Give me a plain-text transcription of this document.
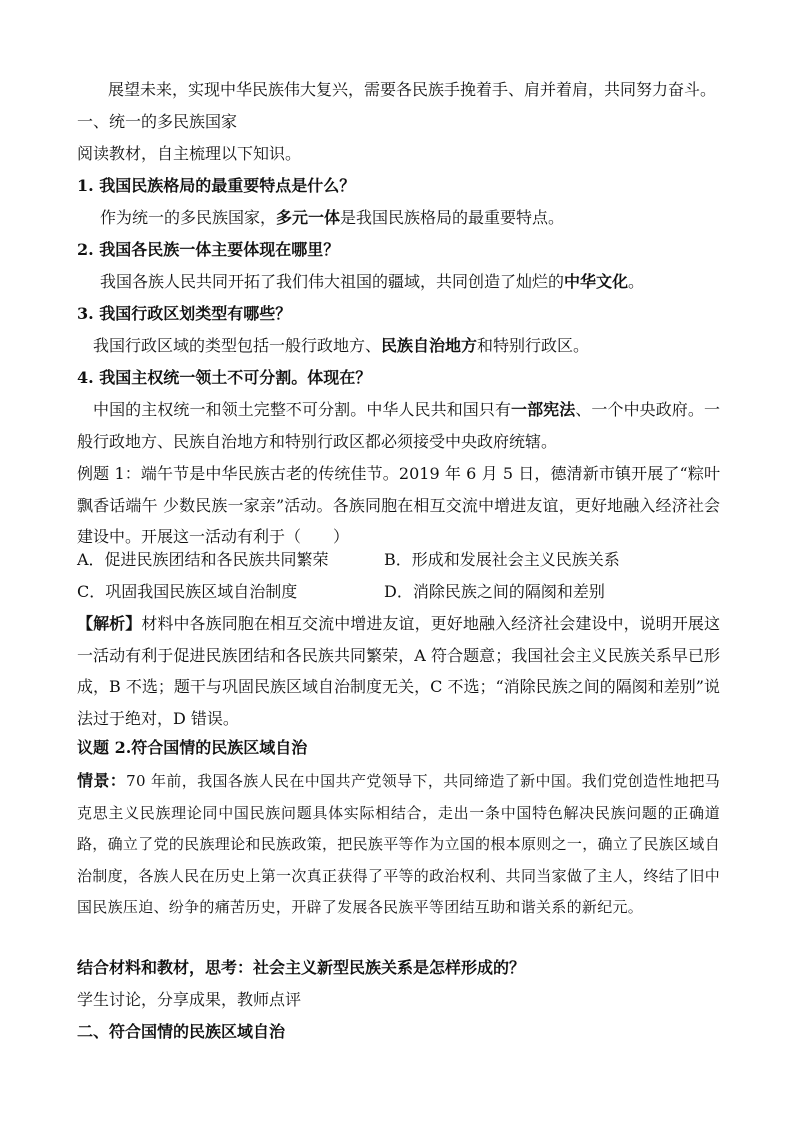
展望未来，实现中华民族伟大复兴，需要各民族手挽着手、肩并着肩，共同努力奋斗。
一、统一的多民族国家
阅读教材，自主梳理以下知识。
1. 我国民族格局的最重要特点是什么？
作为统一的多民族国家，多元一体是我国民族格局的最重要特点。
2. 我国各民族一体主要体现在哪里？
我国各族人民共同开拓了我们伟大祖国的疆域，共同创造了灿烂的中华文化。
3. 我国行政区划类型有哪些？
我国行政区域的类型包括一般行政地方、民族自治地方和特别行政区。
4. 我国主权统一领土不可分割。体现在？
中国的主权统一和领土完整不可分割。中华人民共和国只有一部宪法、一个中央政府。一般行政地方、民族自治地方和特别行政区都必须接受中央政府统辖。
例题 1：端午节是中华民族古老的传统佳节。2019 年 6 月 5 日，德清新市镇开展了“粽叶飘香话端午 少数民族一家亲”活动。各族同胞在相互交流中增进友谊，更好地融入经济社会建设中。开展这一活动有利于（　　）
A．促进民族团结和各民族共同繁荣	B．形成和发展社会主义民族关系
C．巩固我国民族区域自治制度	D．消除民族之间的隔阂和差别
【解析】材料中各族同胞在相互交流中增进友谊，更好地融入经济社会建设中，说明开展这一活动有利于促进民族团结和各民族共同繁荣，A 符合题意；我国社会主义民族关系早已形成，B 不选；题干与巩固民族区域自治制度无关，C 不选；“消除民族之间的隔阂和差别”说法过于绝对，D 错误。
议题 2.符合国情的民族区域自治
情景：70 年前，我国各族人民在中国共产党领导下，共同缔造了新中国。我们党创造性地把马克思主义民族理论同中国民族问题具体实际相结合，走出一条中国特色解决民族问题的正确道路，确立了党的民族理论和民族政策，把民族平等作为立国的根本原则之一，确立了民族区域自治制度，各族人民在历史上第一次真正获得了平等的政治权利、共同当家做了主人，终结了旧中国民族压迫、纷争的痛苦历史，开辟了发展各民族平等团结互助和谐关系的新纪元。
结合材料和教材，思考：社会主义新型民族关系是怎样形成的？
学生讨论，分享成果，教师点评
二、符合国情的民族区域自治
